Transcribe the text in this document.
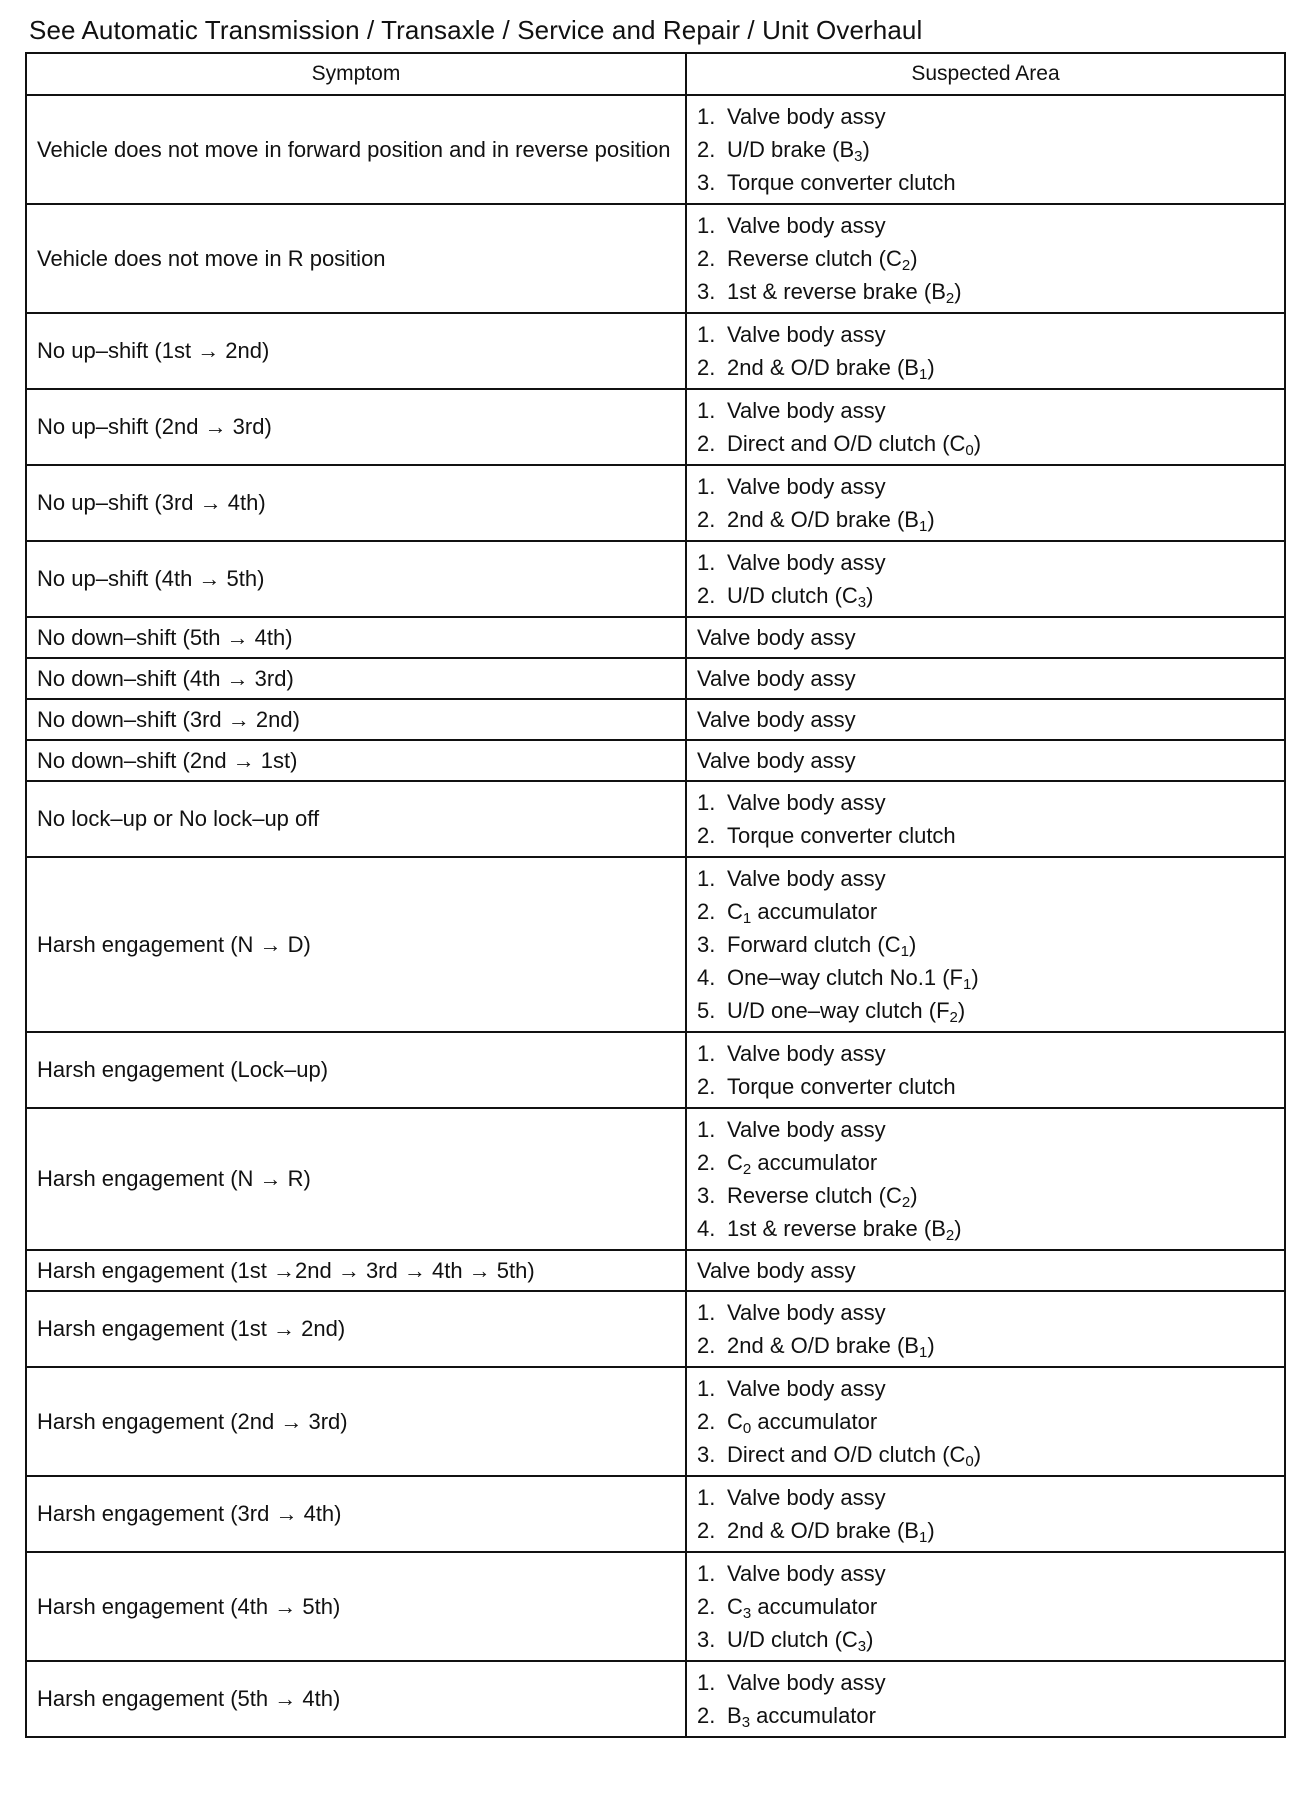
See Automatic Transmission / Transaxle / Service and Repair / Unit Overhaul
Symptom	Suspected Area
Vehicle does not move in forward position and in reverse position	1. Valve body assy
2. U/D brake $(B_3)$
3. Torque converter clutch

Vehicle does not move in R position	1. Valve body assy
2. Reverse clutch $(C_2)$
3. 1st & reverse brake $(B_2)$

No up–shift (1st → 2nd)	1. Valve body assy
2. 2nd & O/D brake $(B_1)$

No up–shift (2nd → 3rd)	1. Valve body assy
2. Direct and O/D clutch $(C_0)$

No up–shift (3rd → 4th)	1. Valve body assy
2. 2nd & O/D brake $(B_1)$

No up–shift (4th → 5th)	1. Valve body assy
2. U/D clutch $(C_3)$

No down–shift (5th → 4th)	Valve body assy

No down–shift (4th → 3rd)	Valve body assy

No down–shift (3rd → 2nd)	Valve body assy

No down–shift (2nd → 1st)	Valve body assy

No lock–up or No lock–up off	1. Valve body assy
2. Torque converter clutch

Harsh engagement (N → D)	1. Valve body assy
2. $C_1$ accumulator
3. Forward clutch $(C_1)$
4. One–way clutch No.1 $(F_1)$
5. U/D one–way clutch $(F_2)$

Harsh engagement (Lock–up)	1. Valve body assy
2. Torque converter clutch

Harsh engagement (N → R)	1. Valve body assy
2. $C_2$ accumulator
3. Reverse clutch $(C_2)$
4. 1st & reverse brake $(B_2)$

Harsh engagement (1st →2nd → 3rd → 4th → 5th)	Valve body assy

Harsh engagement (1st → 2nd)	1. Valve body assy
2. 2nd & O/D brake $(B_1)$

Harsh engagement (2nd → 3rd)	1. Valve body assy
2. $C_0$ accumulator
3. Direct and O/D clutch $(C_0)$

Harsh engagement (3rd → 4th)	1. Valve body assy
2. 2nd & O/D brake $(B_1)$

Harsh engagement (4th → 5th)	1. Valve body assy
2. $C_3$ accumulator
3. U/D clutch $(C_3)$

Harsh engagement (5th → 4th)	1. Valve body assy
2. $B_3$ accumulator
